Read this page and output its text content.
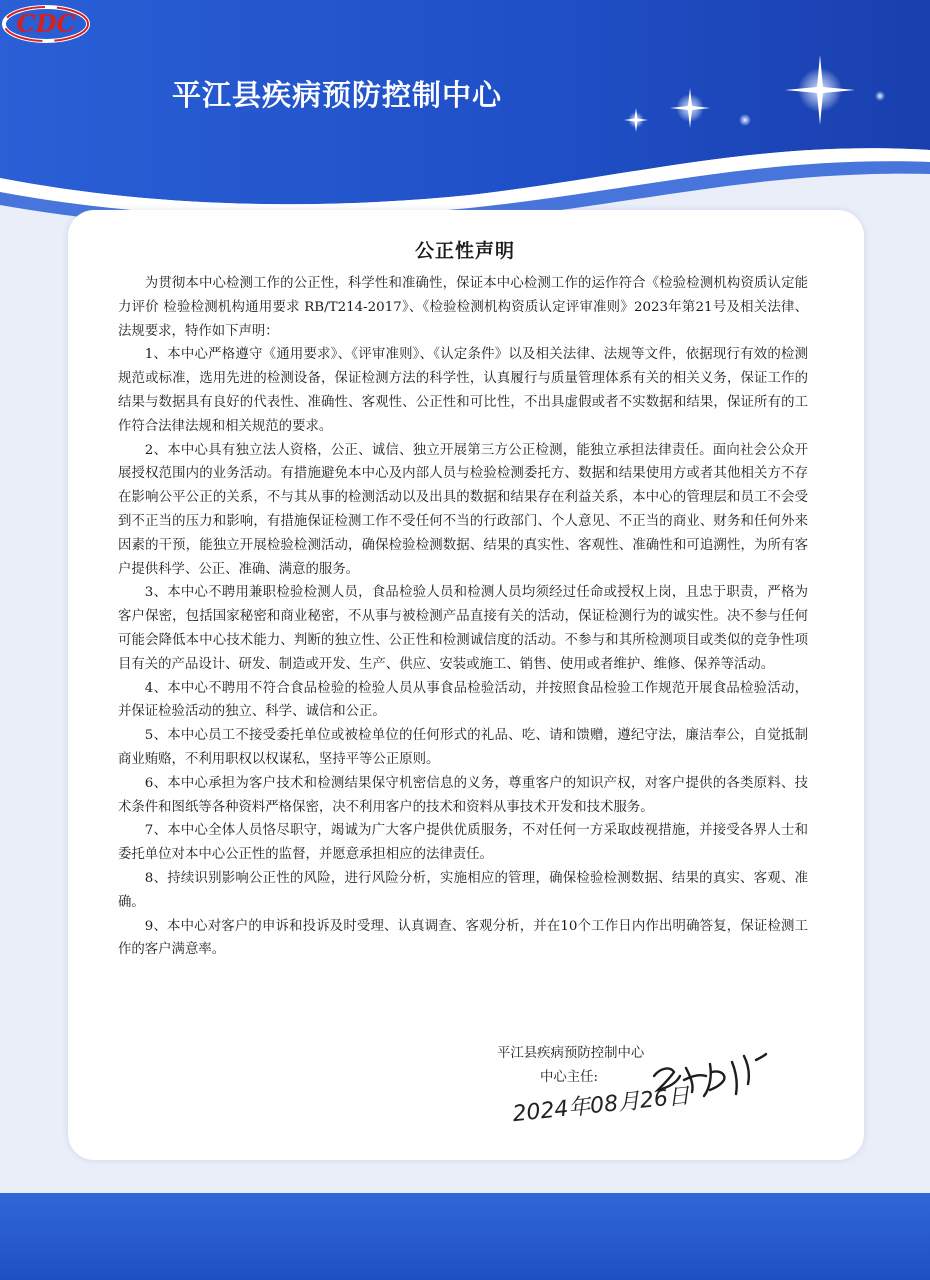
CDC
平江县疾病预防控制中心
公正性声明

为贯彻本中心检测工作的公正性，科学性和准确性，保证本中心检测工作的运作符合《检验检测机构资质认定能力评价 检验检测机构通用要求 RB/T214-2017》、《检验检测机构资质认定评审准则》2023年第21号及相关法律、法规要求，特作如下声明：

1、本中心严格遵守《通用要求》、《评审准则》、《认定条件》以及相关法律、法规等文件，依据现行有效的检测规范或标准，选用先进的检测设备，保证检测方法的科学性，认真履行与质量管理体系有关的相关义务，保证工作的结果与数据具有良好的代表性、准确性、客观性、公正性和可比性，不出具虚假或者不实数据和结果，保证所有的工作符合法律法规和相关规范的要求。

2、本中心具有独立法人资格，公正、诚信、独立开展第三方公正检测，能独立承担法律责任。面向社会公众开展授权范围内的业务活动。有措施避免本中心及内部人员与检验检测委托方、数据和结果使用方或者其他相关方不存在影响公平公正的关系，不与其从事的检测活动以及出具的数据和结果存在利益关系，本中心的管理层和员工不会受到不正当的压力和影响，有措施保证检测工作不受任何不当的行政部门、个人意见、不正当的商业、财务和任何外来因素的干预，能独立开展检验检测活动，确保检验检测数据、结果的真实性、客观性、准确性和可追溯性，为所有客户提供科学、公正、准确、满意的服务。

3、本中心不聘用兼职检验检测人员，食品检验人员和检测人员均须经过任命或授权上岗，且忠于职责，严格为客户保密，包括国家秘密和商业秘密，不从事与被检测产品直接有关的活动，保证检测行为的诚实性。决不参与任何可能会降低本中心技术能力、判断的独立性、公正性和检测诚信度的活动。不参与和其所检测项目或类似的竞争性项目有关的产品设计、研发、制造或开发、生产、供应、安装或施工、销售、使用或者维护、维修、保养等活动。

4、本中心不聘用不符合食品检验的检验人员从事食品检验活动，并按照食品检验工作规范开展食品检验活动，并保证检验活动的独立、科学、诚信和公正。

5、本中心员工不接受委托单位或被检单位的任何形式的礼品、吃、请和馈赠，遵纪守法，廉洁奉公，自觉抵制商业贿赂，不利用职权以权谋私，坚持平等公正原则。

6、本中心承担为客户技术和检测结果保守机密信息的义务，尊重客户的知识产权，对客户提供的各类原料、技术条件和图纸等各种资料严格保密，决不利用客户的技术和资料从事技术开发和技术服务。

7、本中心全体人员恪尽职守，竭诚为广大客户提供优质服务，不对任何一方采取歧视措施，并接受各界人士和委托单位对本中心公正性的监督，并愿意承担相应的法律责任。

8、持续识别影响公正性的风险，进行风险分析，实施相应的管理，确保检验检测数据、结果的真实、客观、准确。

9、本中心对客户的申诉和投诉及时受理、认真调查、客观分析，并在10个工作日内作出明确答复，保证检测工作的客户满意率。

平江县疾病预防控制中心
中心主任:
2024年08月26日
